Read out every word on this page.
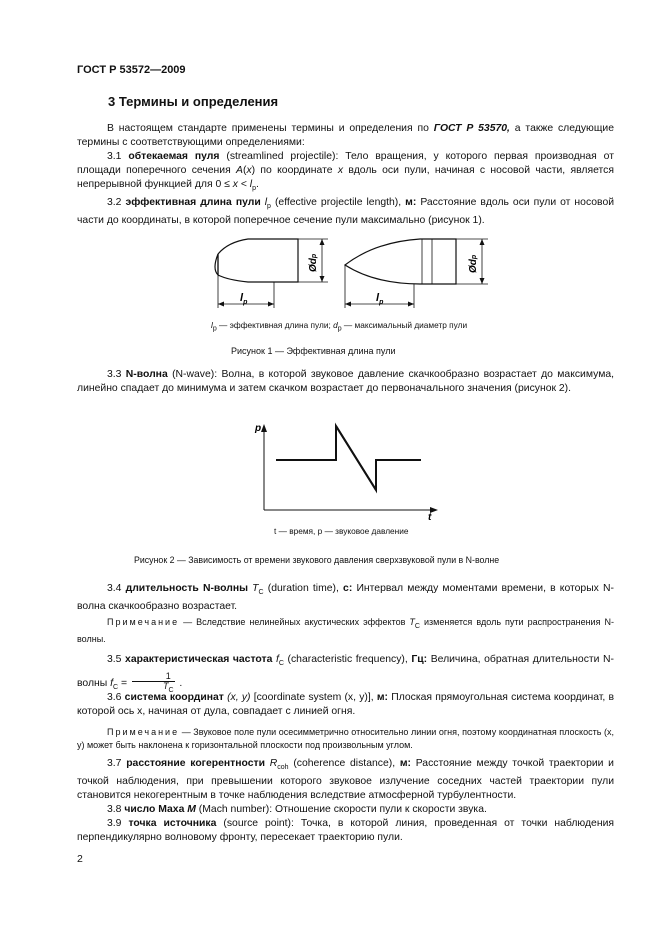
ГОСТ Р 53572—2009
3 Термины и определения

В настоящем стандарте применены термины и определения по ГОСТ Р 53570, а также следующие термины с соответствующими определениями:

3.1 обтекаемая пуля (streamlined projectile): Тело вращения, у которого первая производная от площади поперечного сечения A(x) по координате x вдоль оси пули, начиная с носовой части, является непрерывной функцией для $0 \le x < l_p$.

3.2 эффективная длина пули $l_p$ (effective projectile length), м: Расстояние вдоль оси пули от носовой части до координаты, в которой поперечное сечение пули максимально (рисунок 1).

$l_р$	$l_р$
Ødр
Ødр
$l_р$ — эффективная длина пули; $d_р$ — максимальный диаметр пули
Рисунок 1 — Эффективная длина пули

3.3 N-волна (N-wave): Волна, в которой звуковое давление скачкообразно возрастает до максимума, линейно спадает до минимума и затем скачком возрастает до первоначального значения (рисунок 2).

p
t
t — время, p — звуковое давление
Рисунок 2 — Зависимость от времени звукового давления сверхзвуковой пули в N-волне

3.4 длительность N-волны $T_C$ (duration time), с: Интервал между моментами времени, в которых N-волна скачкообразно возрастает.

Примечание — Вследствие нелинейных акустических эффектов $T_C$ изменяется вдоль пути распространения N-волны.

3.5 характеристическая частота $f_C$ (characteristic frequency), Гц: Величина, обратная длительности N-волны $f_C = \frac{1}{T_C}$ .

3.6 система координат (x, y) [coordinate system (x, y)], м: Плоская прямоугольная система координат, в которой ось x, начиная от дула, совпадает с линией огня.

Примечание — Звуковое поле пули осесимметрично относительно линии огня, поэтому координатная плоскость (x, y) может быть наклонена к горизонтальной плоскости под произвольным углом.

3.7 расстояние когерентности $R_{coh}$ (coherence distance), м: Расстояние между точкой траектории и точкой наблюдения, при превышении которого звуковое излучение соседних частей траектории пули становится некогерентным в точке наблюдения вследствие атмосферной турбулентности.

3.8 число Маха M (Mach number): Отношение скорости пули к скорости звука.

3.9 точка источника (source point): Точка, в которой линия, проведенная от точки наблюдения перпендикулярно волновому фронту, пересекает траекторию пули.

2
